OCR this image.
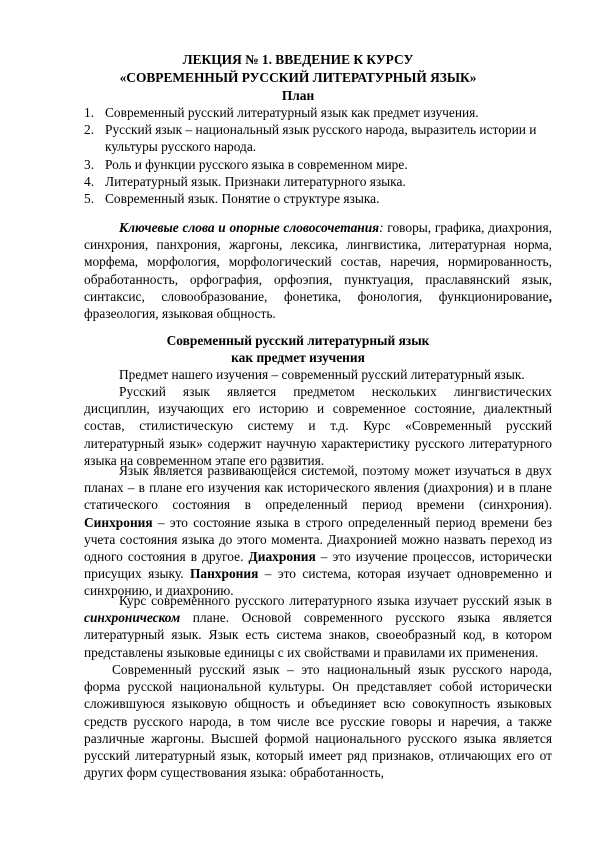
ЛЕКЦИЯ № 1. ВВЕДЕНИЕ К КУРСУ
«СОВРЕМЕННЫЙ РУССКИЙ ЛИТЕРАТУРНЫЙ ЯЗЫК»
План
1. Современный русский литературный язык как предмет изучения.
2. Русский язык – национальный язык русского народа, выразитель истории и культуры русского народа.
3. Роль и функции русского языка в современном мире.
4. Литературный язык. Признаки литературного языка.
5. Современный язык. Понятие о структуре языка.

Ключевые слова и опорные словосочетания: говоры, графика, диахрония, синхрония, панхрония, жаргоны, лексика, лингвистика, литературная норма, морфема, морфология, морфологический состав, наречия, нормированность, обработанность, орфография, орфоэпия, пунктуация, праславянский язык, синтаксис, словообразование, фонетика, фонология, функционирование, фразеология, языковая общность.

Современный русский литературный язык
как предмет изучения

Предмет нашего изучения – современный русский литературный язык.

Русский язык является предметом нескольких лингвистических дисциплин, изучающих его историю и современное состояние, диалектный состав, стилистическую систему и т.д. Курс «Современный русский литературный язык» содержит научную характеристику русского литературного языка на современном этапе его развития.

Язык является развивающейся системой, поэтому может изучаться в двух планах – в плане его изучения как исторического явления (диахрония) и в плане статического состояния в определенный период времени (синхрония). Синхрония – это состояние языка в строго определенный период времени без учета состояния языка до этого момента. Диахронией можно назвать переход из одного состояния в другое. Диахрония – это изучение процессов, исторически присущих языку. Панхрония – это система, которая изучает одновременно и синхронию, и диахронию.

Курс современного русского литературного языка изучает русский язык в синхроническом плане. Основой современного русского языка является литературный язык. Язык есть система знаков, своеобразный код, в котором представлены языковые единицы с их свойствами и правилами их применения.

Современный русский язык – это национальный язык русского народа, форма русской национальной культуры. Он представляет собой исторически сложившуюся языковую общность и объединяет всю совокупность языковых средств русского народа, в том числе все русские говоры и наречия, а также различные жаргоны. Высшей формой национального русского языка является русский литературный язык, который имеет ряд признаков, отличающих его от других форм существования языка: обработанность,
